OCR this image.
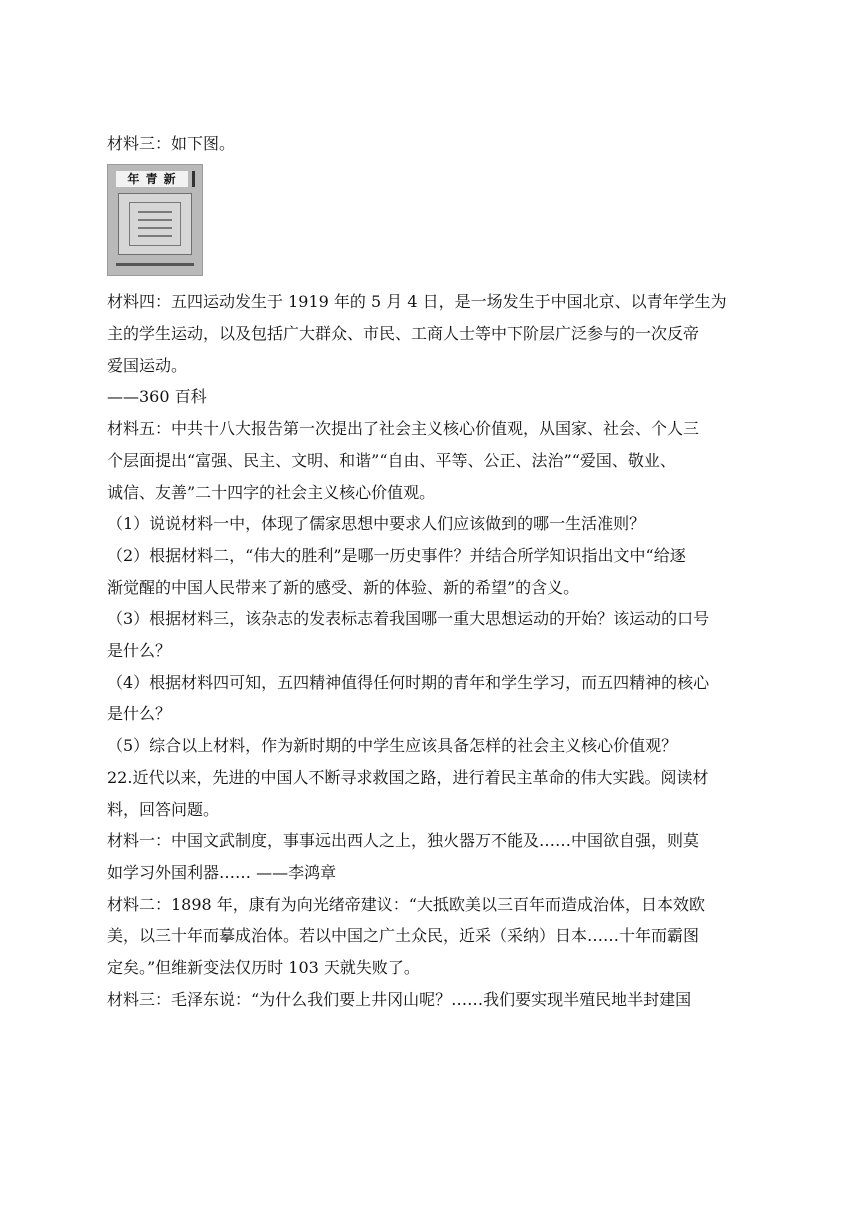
材料三：如下图。
年 青 新
材料四：五四运动发生于 1919 年的 5 月 4 日，是一场发生于中国北京、以青年学生为
主的学生运动，以及包括广大群众、市民、工商人士等中下阶层广泛参与的一次反帝
爱国运动。
——360 百科
材料五：中共十八大报告第一次提出了社会主义核心价值观，从国家、社会、个人三
个层面提出“富强、民主、文明、和谐”“自由、平等、公正、法治”“爱国、敬业、
诚信、友善”二十四字的社会主义核心价值观。
（1）说说材料一中，体现了儒家思想中要求人们应该做到的哪一生活准则？
（2）根据材料二，“伟大的胜利”是哪一历史事件？并结合所学知识指出文中“给逐
渐觉醒的中国人民带来了新的感受、新的体验、新的希望”的含义。
（3）根据材料三，该杂志的发表标志着我国哪一重大思想运动的开始？该运动的口号
是什么？
（4）根据材料四可知，五四精神值得任何时期的青年和学生学习，而五四精神的核心
是什么？
（5）综合以上材料，作为新时期的中学生应该具备怎样的社会主义核心价值观？
22.近代以来，先进的中国人不断寻求救国之路，进行着民主革命的伟大实践。阅读材
料，回答问题。
材料一：中国文武制度，事事远出西人之上，独火器万不能及……中国欲自强，则莫
如学习外国利器…… ——李鸿章
材料二：1898 年，康有为向光绪帝建议：“大抵欧美以三百年而造成治体，日本效欧
美，以三十年而摹成治体。若以中国之广土众民，近采（采纳）日本……十年而霸图
定矣。”但维新变法仅历时 103 天就失败了。
材料三：毛泽东说：“为什么我们要上井冈山呢？……我们要实现半殖民地半封建国
